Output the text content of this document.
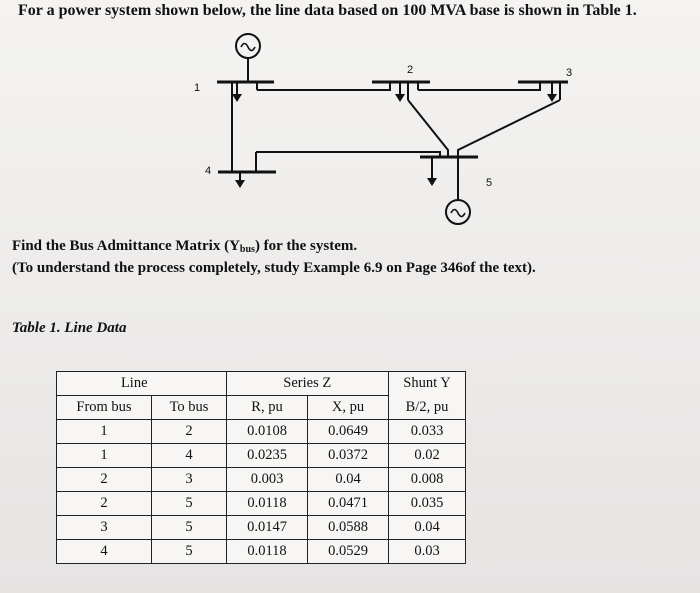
For a power system shown below, the line data based on 100 MVA base is shown in Table 1.
1
2	3
4
5
Find the Bus Admittance Matrix $(Y_{bus})$ for the system.
(To understand the process completely, study Example 6.9 on Page 346of the text).
Table 1. Line Data
Line		Series Z		Shunt Y
From bus	To bus	R, pu	X, pu	B/2, pu
1	2	0.0108	0.0649	0.033
1	4	0.0235	0.0372	0.02
2	3	0.003	0.04	0.008
2	5	0.0118	0.0471	0.035
3	5	0.0147	0.0588	0.04
4	5	0.0118	0.0529	0.03
